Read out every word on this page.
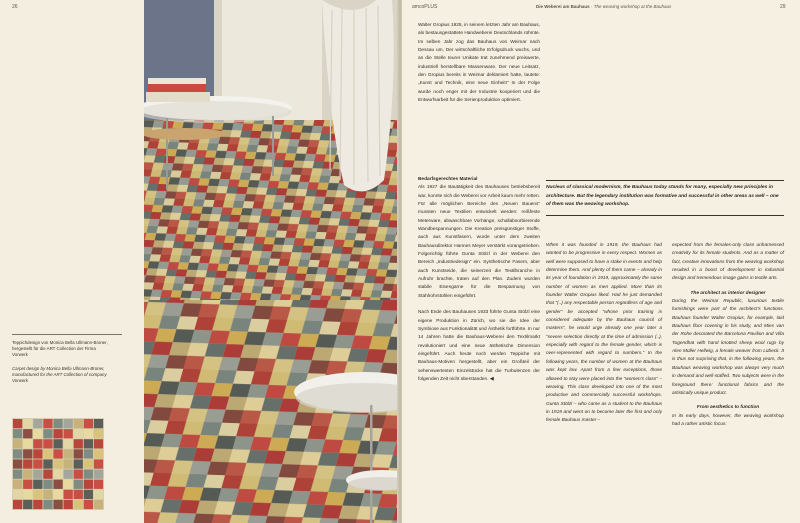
26
Foto: Vorwerk Picture: Vorwerk
Teppichdesign von Monica Bella Ullmann-Broner, hergestellt für die ART Collection der Firma Vorwerk
Carpet design by Monica Bella Ullmann-Broner, manufactured for the ART Collection of company Vorwerk
amcoPLUS	Die Weberei am Bauhaus · The weaving workshop at the Bauhaus	29

Walter Gropius 1925, in seinem letzten Jahr am Bauhaus, als bestausgestattete Handweberei Deutschlands rühmte. Im selben Jahr zog das Bauhaus von Weimar nach Dessau um. Der wirtschaftliche Erfolgsdruck wuchs, und an die Stelle teurer Unikate trat zunehmend preiswerte, industriell herstellbare Massenware. Der neue Leitsatz, den Gropius bereits in Weimar deklamiert hatte, lautete: „Kunst und Technik, eine neue Einheit!“ In der Folge wurde noch enger mit der Industrie kooperiert und die Entwurfsarbeit für die Serienproduktion optimiert.

Bedarfsgerechtes Material

Als 1927 die Bautätigkeit des Bauhauses betriebsbereit war, konnte sich die Weberei vor Arbeit kaum mehr retten. Für alle möglichen Bereiche des „Neuen Bauens“ mussten neue Textilien entwickelt werden: reißfeste Meterware, abwaschbare Vorhänge, schallabsorbierende Wandbespannungen. Die Kreation preisgünstiger Stoffe, auch aus Kunstfasern, wurde unter dem zweiten Bauhausdirektor Hannes Meyer verstärkt vorangetrieben. Folgerichtig führte Gunta Stölzl in der Weberei den Bereich „Industriedesign“ ein. Synthetische Fasern, aber auch Kunstseide, die seinerzeit die Textilbranche in Aufruhr brachte, traten auf den Plan. Zudem wurden stabile Eisengarne für die Bespannung von Stahlrohrstühlen eingeführt.

Nach Ende des Bauhauses 1933 führte Gunta Stölzl eine eigene Produktion in Zürich, wo sie die Idee der Symbiose aus Funktionalität und Ästhetik fortführte. In nur 14 Jahren hatte die Bauhaus-Weberei den Textilmarkt revolutioniert und eine neue ästhetische Dimension eingeführt. Auch heute noch werden Teppiche mit Bauhaus-Motiven hergestellt, aber ein Großteil der sehenswertesten Einzelstücke hat die Turbulenzen der folgenden Zeit nicht überstanden. ◀

Nucleus of classical modernism, the Bauhaus today stands for many, especially new principles in architecture. But the legendary institution was formative and successful in other areas as well – one of them was the weaving workshop.

When it was founded in 1919, the Bauhaus had wanted to be progressive in every respect. Women as well were supposed to have a stake in events and help determine them. And plenty of them came – already in its year of foundation in 1919, approximately the same number of women as men applied. More than its founder Walter Gropius liked. Had he just demanded that “(..) any respectable person regardless of age and gender” be accepted “whose prior training is considered adequate by the Bauhaus council of masters”, he would urge already one year later a “severe selection directly at the time of admission (..), especially with regard to the female gender, which is over-represented with regard to numbers.” In the following years, the number of women at the Bauhaus was kept low. Apart from a few exceptions, those allowed to stay were placed into the “women’s class” – weaving. This class developed into one of the most productive and commercially successful workshops. Gunta Stölzl – who came as a student to the Bauhaus in 1919 and went on to become later the first and only female Bauhaus master –

expected from the females-only class unharnessed creativity for its female students. And as a matter of fact, creative innovations from the weaving workshop resulted in a boost of development in industrial design and tremendous image gains in textile arts.

The architect as interior designer

During the Weimar Republic, luxurious textile furnishings were part of the architect’s functions. Bauhaus founder Walter Gropius, for example, laid Bauhaus floor covering in his study, and Mies van der Rohe decorated the Barcelona Pavilion and Villa Tugendhat with hand knotted sheep wool rugs by Alen Müller Hellwig, a female weaver from Lübeck. It is thus not surprising that, in the following years, the Bauhaus weaving workshop was always very much in demand and well-staffed. Two subjects were in the foreground there: functional fabrics and the artistically unique product.

From aesthetics to function

In its early days, however, the weaving workshop had a rather artistic focus:
